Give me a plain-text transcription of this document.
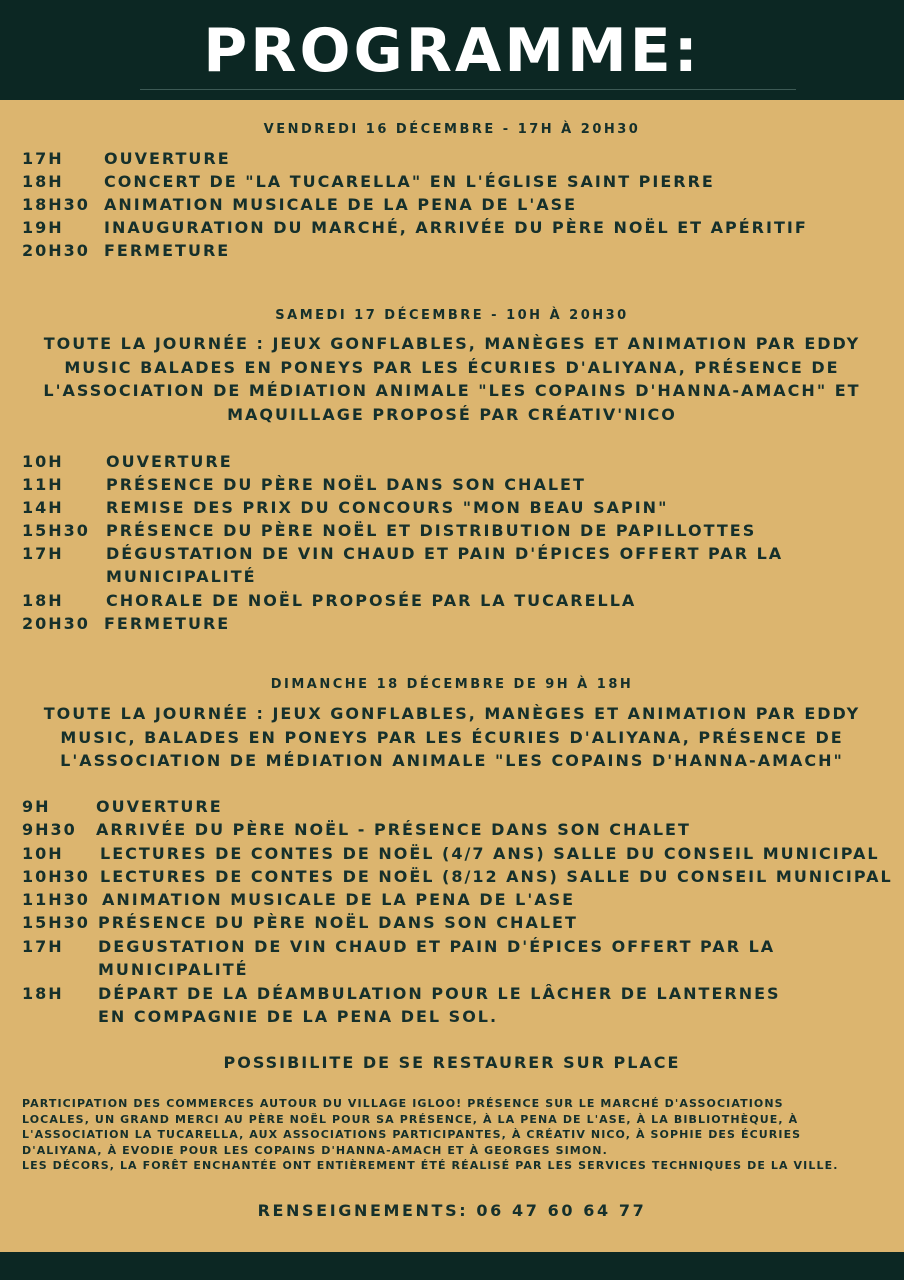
PROGRAMME:
VENDREDI 16 DÉCEMBRE - 17H À 20H30
17H	OUVERTURE
18H	CONCERT DE "LA TUCARELLA" EN L'ÉGLISE SAINT PIERRE
18H30 ANIMATION MUSICALE DE LA PENA DE L'ASE
19H	INAUGURATION DU MARCHÉ, ARRIVÉE DU PÈRE NOËL ET APÉRITIF
20H30 FERMETURE
SAMEDI 17 DÉCEMBRE - 10H À 20H30
TOUTE LA JOURNÉE : JEUX GONFLABLES, MANÈGES ET ANIMATION PAR EDDY
MUSIC BALADES EN PONEYS PAR LES ÉCURIES D'ALIYANA, PRÉSENCE DE
L'ASSOCIATION DE MÉDIATION ANIMALE "LES COPAINS D'HANNA-AMACH" ET
MAQUILLAGE PROPOSÉ PAR CRÉATIV'NICO
10H	OUVERTURE
11H	PRÉSENCE DU PÈRE NOËL DANS SON CHALET
14H	REMISE DES PRIX DU CONCOURS "MON BEAU SAPIN"
15H30 PRÉSENCE DU PÈRE NOËL ET DISTRIBUTION DE PAPILLOTTES
17H	DÉGUSTATION DE VIN CHAUD ET PAIN D'ÉPICES OFFERT PAR LA
MUNICIPALITÉ
18H	CHORALE DE NOËL PROPOSÉE PAR LA TUCARELLA
20H30 FERMETURE
DIMANCHE 18 DÉCEMBRE DE 9H À 18H
TOUTE LA JOURNÉE : JEUX GONFLABLES, MANÈGES ET ANIMATION PAR EDDY
MUSIC, BALADES EN PONEYS PAR LES ÉCURIES D'ALIYANA, PRÉSENCE DE
L'ASSOCIATION DE MÉDIATION ANIMALE "LES COPAINS D'HANNA-AMACH"
9H	OUVERTURE
9H30 ARRIVÉE DU PÈRE NOËL - PRÉSENCE DANS SON CHALET
10H LECTURES DE CONTES DE NOËL (4/7 ANS) SALLE DU CONSEIL MUNICIPAL
10H30 LECTURES DE CONTES DE NOËL (8/12 ANS) SALLE DU CONSEIL MUNICIPAL
11H30 ANIMATION MUSICALE DE LA PENA DE L'ASE
15H30 PRÉSENCE DU PÈRE NOËL DANS SON CHALET
17H DEGUSTATION DE VIN CHAUD ET PAIN D'ÉPICES OFFERT PAR LA
MUNICIPALITÉ
18H DÉPART DE LA DÉAMBULATION POUR LE LÂCHER DE LANTERNES
EN COMPAGNIE DE LA PENA DEL SOL.
POSSIBILITE DE SE RESTAURER SUR PLACE
PARTICIPATION DES COMMERCES AUTOUR DU VILLAGE IGLOO! PRÉSENCE SUR LE MARCHÉ D'ASSOCIATIONS
LOCALES, UN GRAND MERCI AU PÈRE NOËL POUR SA PRÉSENCE, À LA PENA DE L'ASE, À LA BIBLIOTHÈQUE, À
L'ASSOCIATION LA TUCARELLA, AUX ASSOCIATIONS PARTICIPANTES, À CRÉATIV NICO, À SOPHIE DES ÉCURIES
D'ALIYANA, À EVODIE POUR LES COPAINS D'HANNA-AMACH ET À GEORGES SIMON.
LES DÉCORS, LA FORÊT ENCHANTÉE ONT ENTIÈREMENT ÉTÉ RÉALISÉ PAR LES SERVICES TECHNIQUES DE LA VILLE.
RENSEIGNEMENTS: 06 47 60 64 77
